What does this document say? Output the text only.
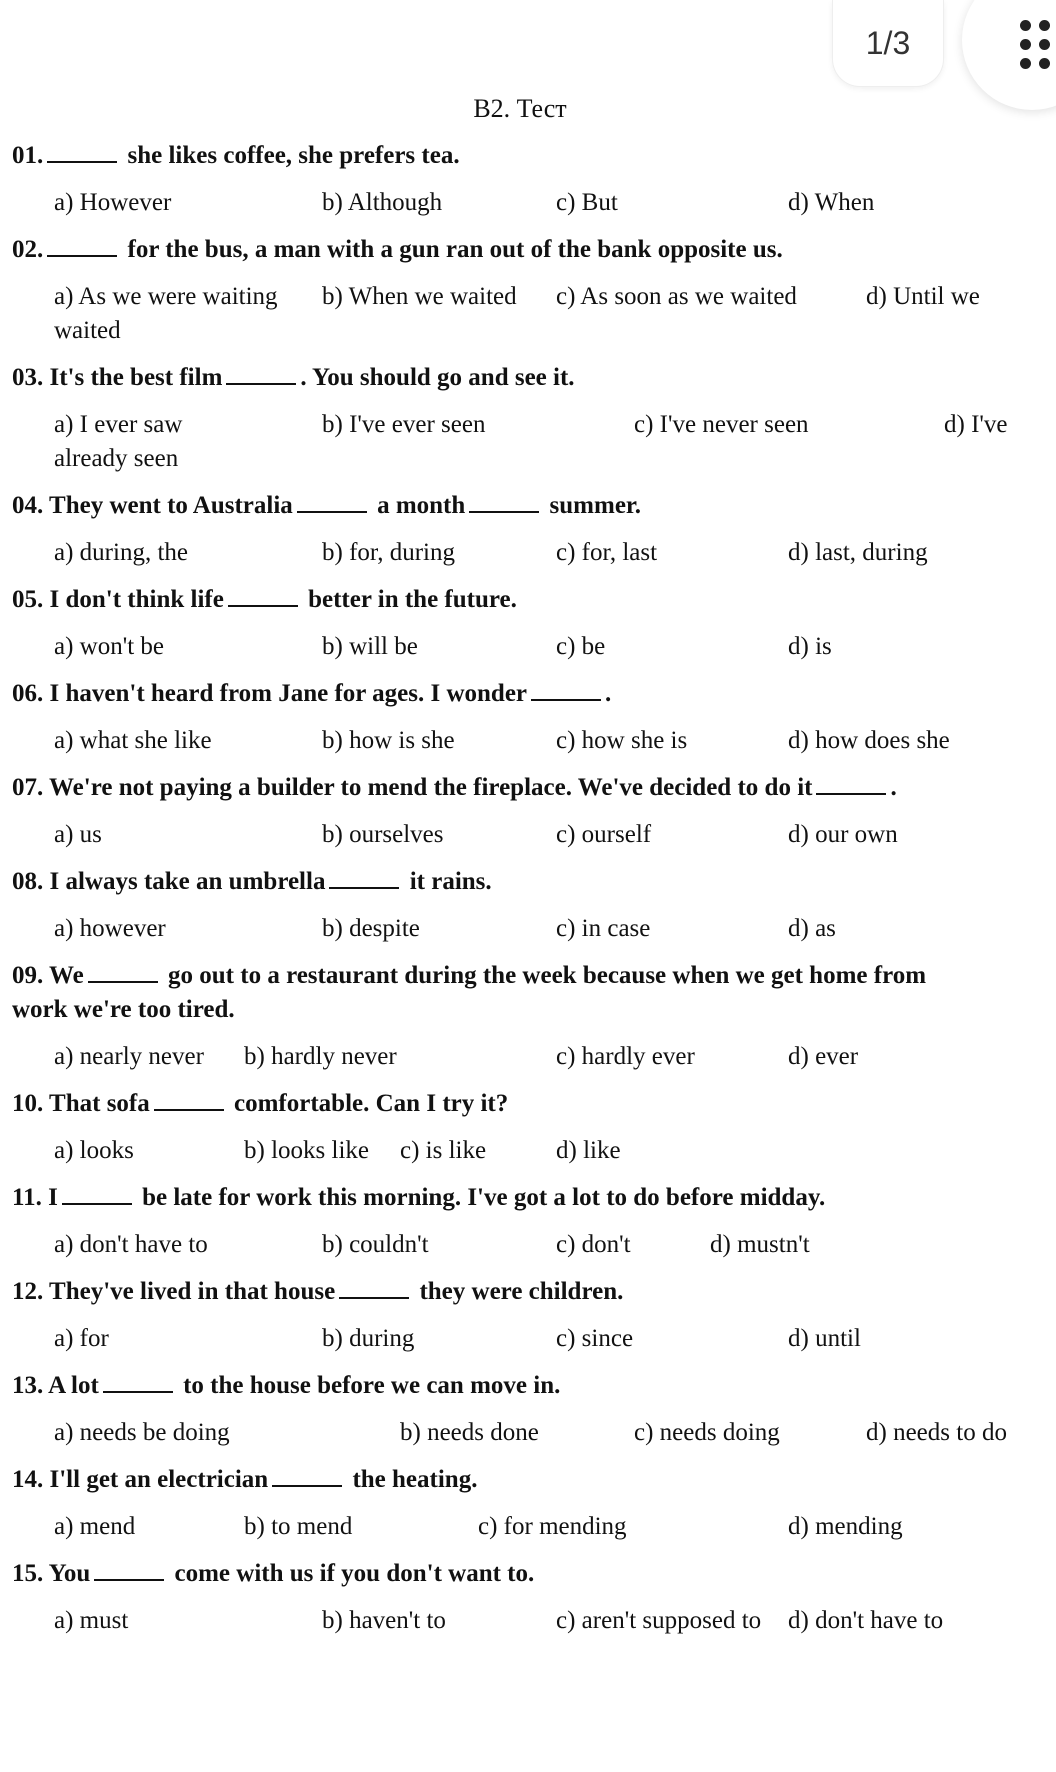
1/3
B2. Тест
01.	she likes coffee, she prefers tea.
a) However	b) Although	c) But	d) When
02.	for the bus, a man with a gun ran out of the bank opposite us.
a) As we were waiting b) When we waited c) As soon as we waited	d) Until we
waited
03. It's the best film	. You should go and see it.
a) I ever saw	b) I've ever seen	c) I've never seen	d) I've
already seen
04. They went to Australia	a month	summer.
a) during, the	b) for, during	c) for, last	d) last, during
05. I don't think life	better in the future.
a) won't be	b) will be	c) be	d) is
06. I haven't heard from Jane for ages. I wonder	.
a) what she like	b) how is she	c) how she is	d) how does she
07. We're not paying a builder to mend the fireplace. We've decided to do it	.
a) us	b) ourselves	c) ourself	d) our own
08. I always take an umbrella	it rains.
a) however	b) despite	c) in case	d) as
09. We	go out to a restaurant during the week because when we get home from
work we're too tired.
a) nearly never b) hardly never	c) hardly ever	d) ever
10. That sofa	comfortable. Can I try it?
a) looks	b) looks like c) is like	d) like
11. I	be late for work this morning. I've got a lot to do before midday.
a) don't have to	b) couldn't	c) don't	d) mustn't
12. They've lived in that house	they were children.
a) for	b) during	c) since	d) until
13. A lot	to the house before we can move in.
a) needs be doing	b) needs done	c) needs doing	d) needs to do
14. I'll get an electrician	the heating.
a) mend	b) to mend	c) for mending	d) mending
15. You	come with us if you don't want to.
a) must	b) haven't to	c) aren't supposed to d) don't have to
